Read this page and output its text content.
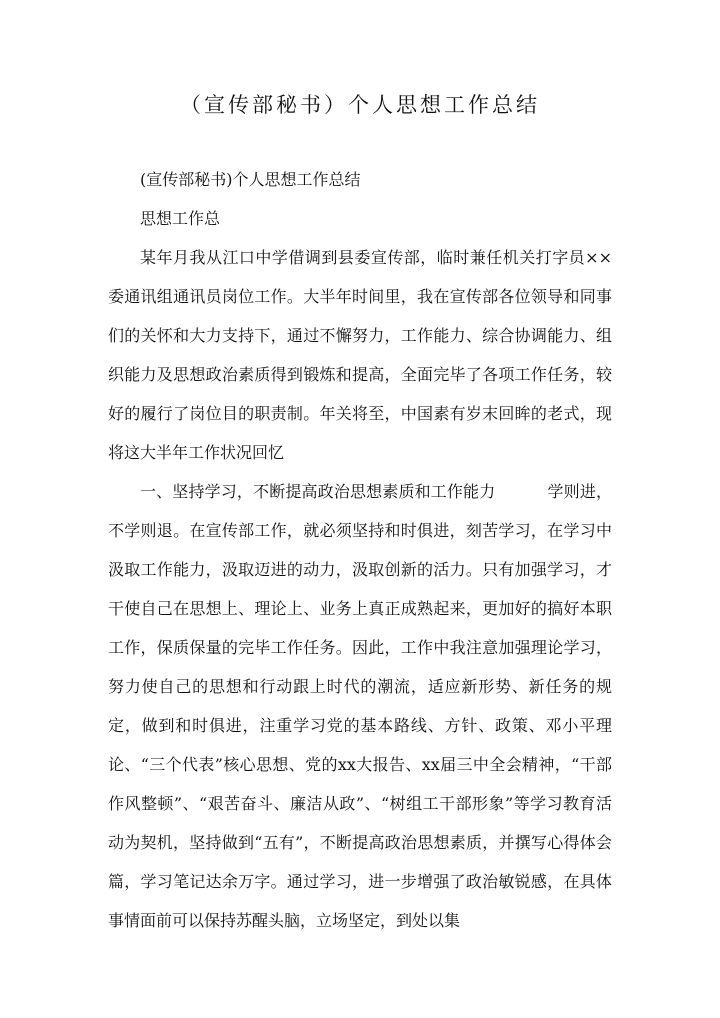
（宣传部秘书）个人思想工作总结

(宣传部秘书)个人思想工作总结

思想工作总

某年月我从江口中学借调到县委宣传部，临时兼任机关打字员××委通讯组通讯员岗位工作。大半年时间里，我在宣传部各位领导和同事们的关怀和大力支持下，通过不懈努力，工作能力、综合协调能力、组织能力及思想政治素质得到锻炼和提高，全面完毕了各项工作任务，较好的履行了岗位目的职责制。年关将至，中国素有岁末回眸的老式，现将这大半年工作状况回忆

一、坚持学习，不断提高政治思想素质和工作能力	学则进，不学则退。在宣传部工作，就必须坚持和时俱进，刻苦学习，在学习中汲取工作能力，汲取迈进的动力，汲取创新的活力。只有加强学习，才干使自己在思想上、理论上、业务上真正成熟起来，更加好的搞好本职工作，保质保量的完毕工作任务。因此，工作中我注意加强理论学习，努力使自己的思想和行动跟上时代的潮流，适应新形势、新任务的规定，做到和时俱进，注重学习党的基本路线、方针、政策、邓小平理论、“三个代表”核心思想、党的xx大报告、xx届三中全会精神，“干部作风整顿”、“艰苦奋斗、廉洁从政”、“树组工干部形象”等学习教育活动为契机，坚持做到“五有”，不断提高政治思想素质，并撰写心得体会篇，学习笔记达余万字。通过学习，进一步增强了政治敏锐感，在具体事情面前可以保持苏醒头脑，立场坚定，到处以集
